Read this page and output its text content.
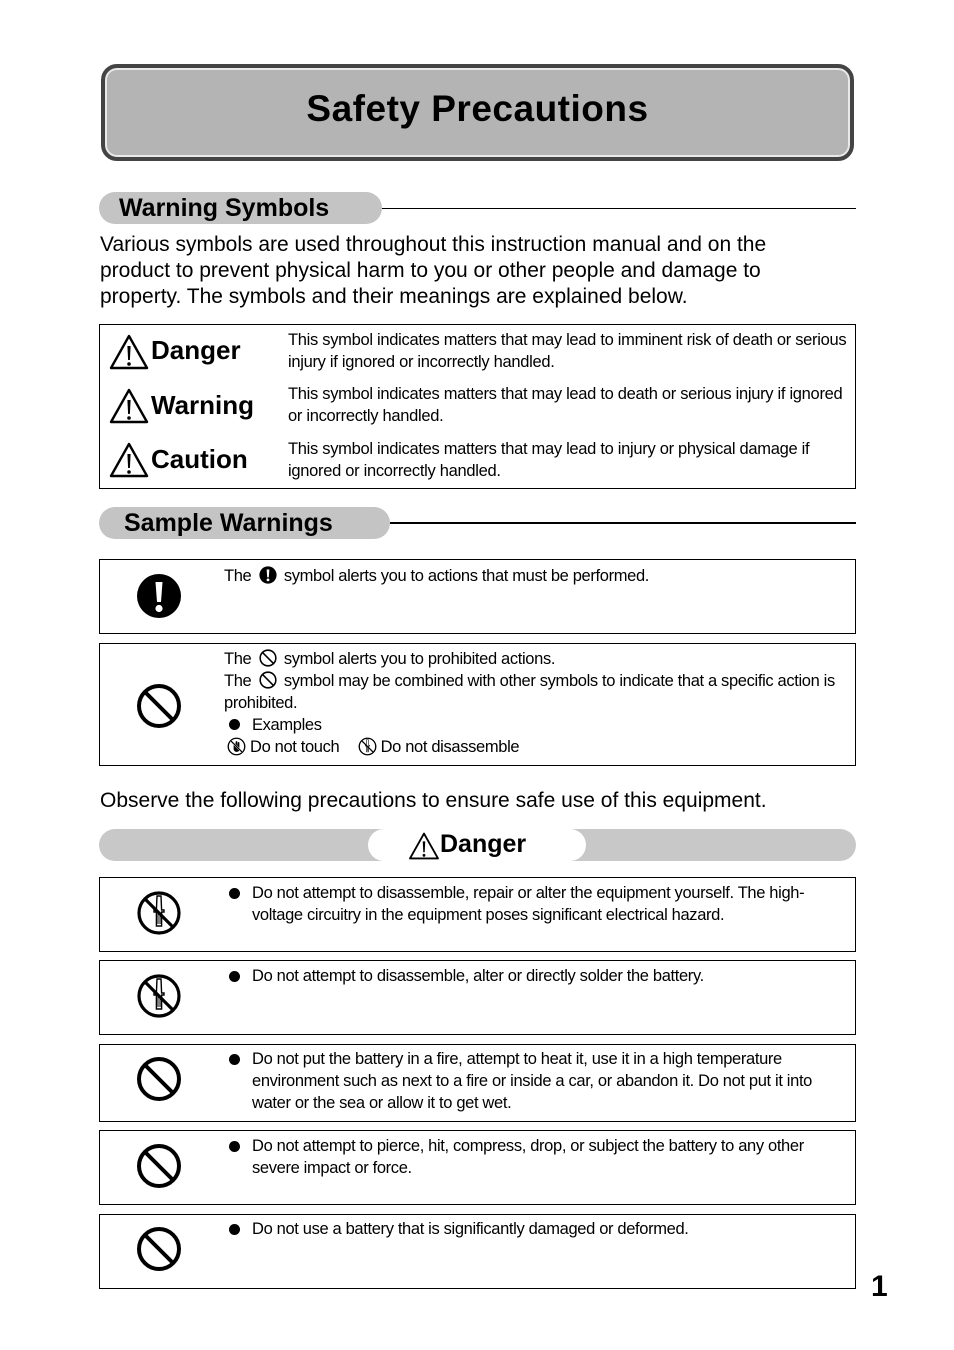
Safety Precautions
Warning Symbols
Various symbols are used throughout this instruction manual and on the product to prevent physical harm to you or other people and damage to property. The symbols and their meanings are explained below.
Danger	This symbol indicates matters that may lead to imminent risk of death or serious injury if ignored or incorrectly handled.
Warning This symbol indicates matters that may lead to death or serious injury if ignored or incorrectly handled.
Caution This symbol indicates matters that may lead to injury or physical damage if ignored or incorrectly handled.
Sample Warnings
The symbol alerts you to actions that must be performed.
The symbol alerts you to prohibited actions.
The symbol may be combined with other symbols to indicate that a specific action is prohibited.
Examples
Do not touch Do not disassemble
Observe the following precautions to ensure safe use of this equipment.
Danger
Do not attempt to disassemble, repair or alter the equipment yourself. The high-voltage circuitry in the equipment poses significant electrical hazard.
Do not attempt to disassemble, alter or directly solder the battery.
Do not put the battery in a fire, attempt to heat it, use it in a high temperature environment such as next to a fire or inside a car, or abandon it. Do not put it into water or the sea or allow it to get wet.
Do not attempt to pierce, hit, compress, drop, or subject the battery to any other severe impact or force.
Do not use a battery that is significantly damaged or deformed.
1
